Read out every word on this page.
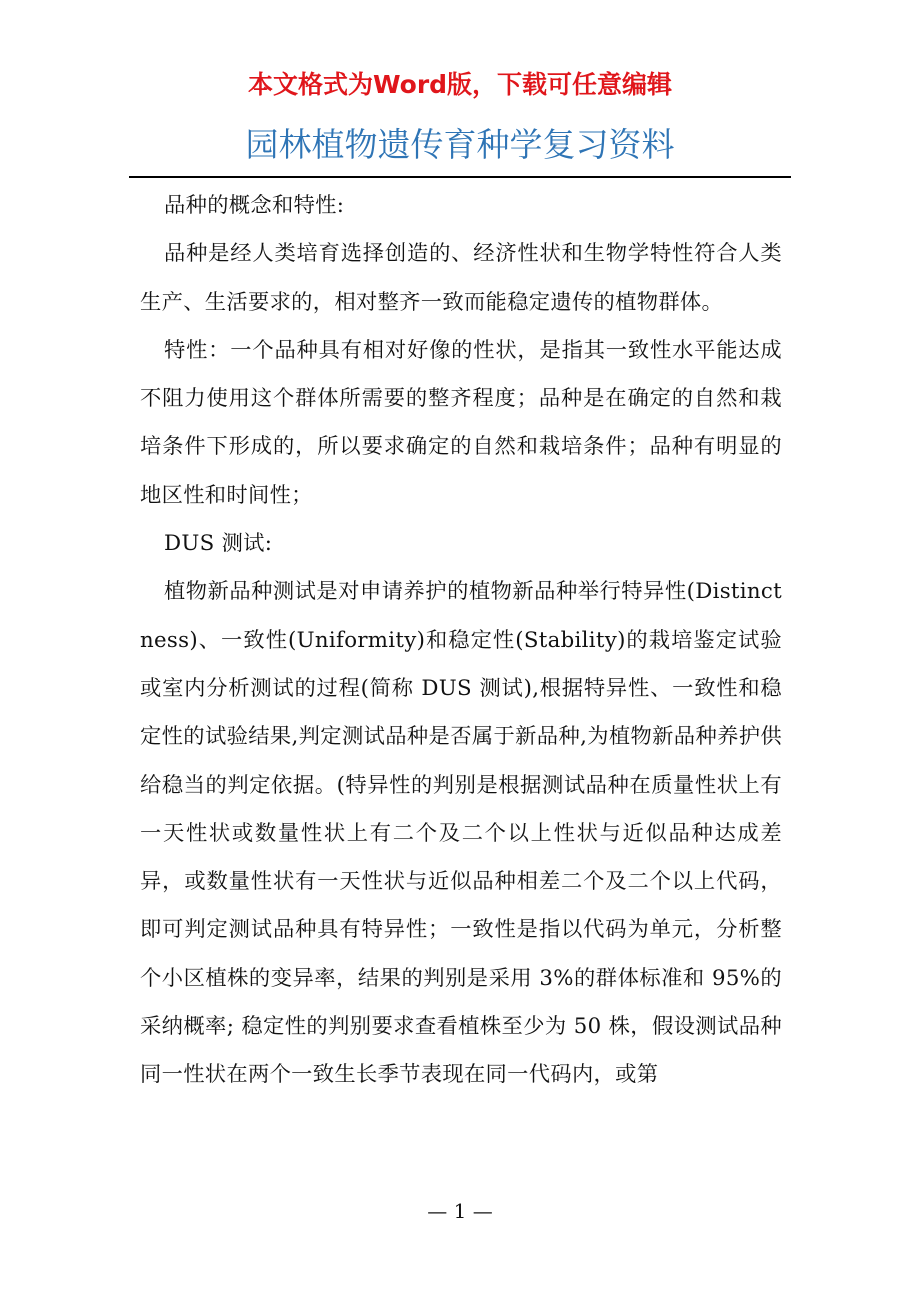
本文格式为Word版，下载可任意编辑
园林植物遗传育种学复习资料

品种的概念和特性:

品种是经人类培育选择创造的、经济性状和生物学特性符合人类生产、生活要求的，相对整齐一致而能稳定遗传的植物群体。

特性：一个品种具有相对好像的性状，是指其一致性水平能达成不阻力使用这个群体所需要的整齐程度；品种是在确定的自然和栽培条件下形成的，所以要求确定的自然和栽培条件；品种有明显的地区性和时间性；

DUS 测试:

植物新品种测试是对申请养护的植物新品种举行特异性(Distinctness)、一致性(Uniformity)和稳定性(Stability)的栽培鉴定试验或室内分析测试的过程(简称 DUS 测试),根据特异性、一致性和稳定性的试验结果,判定测试品种是否属于新品种,为植物新品种养护供给稳当的判定依据。(特异性的判别是根据测试品种在质量性状上有一天性状或数量性状上有二个及二个以上性状与近似品种达成差异，或数量性状有一天性状与近似品种相差二个及二个以上代码，即可判定测试品种具有特异性；一致性是指以代码为单元，分析整个小区植株的变异率，结果的判别是采用 3%的群体标准和 95%的采纳概率; 稳定性的判别要求查看植株至少为 50 株，假设测试品种同一性状在两个一致生长季节表现在同一代码内，或第

— 1 —
